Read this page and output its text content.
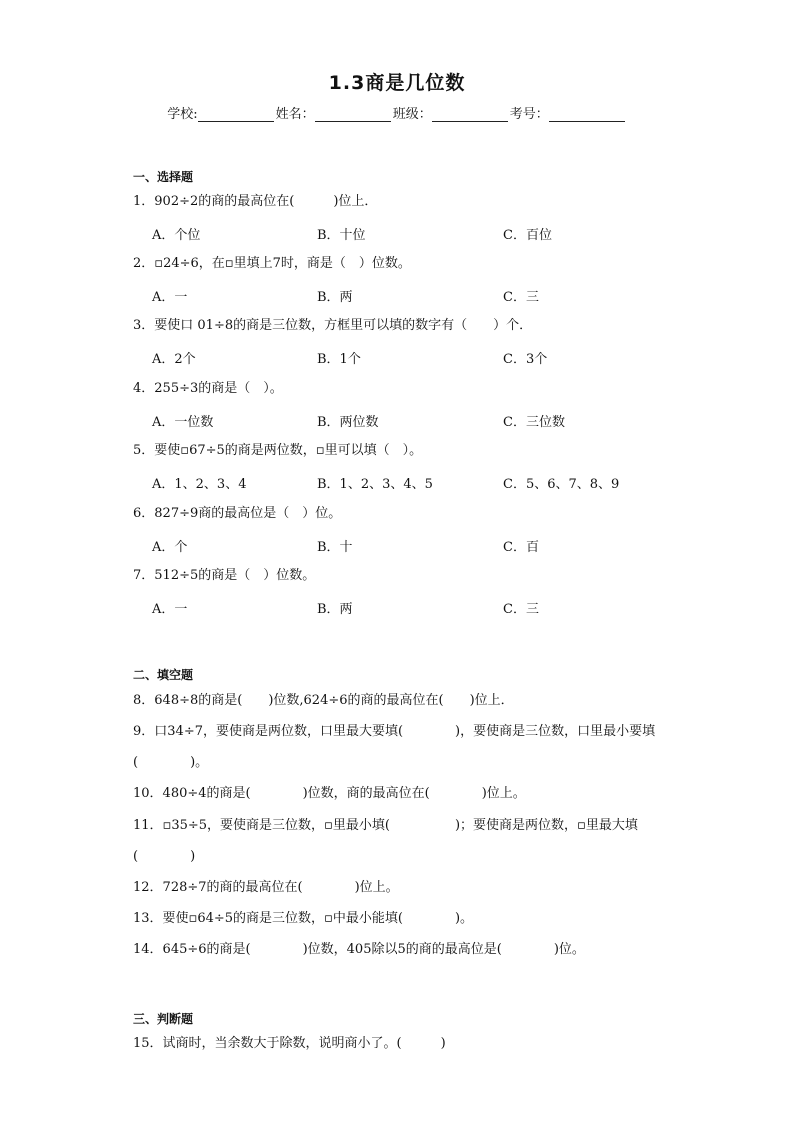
1.3商是几位数
学校:	姓名：	班级：	考号：
一、选择题
1．902÷2的商的最高位在(　　　)位上．
A．个位	B．十位	C．百位
2．▫24÷6，在▫里填上7时，商是（　）位数。
A．一	B．两	C．三
3．要使口 01÷8的商是三位数，方框里可以填的数字有（　　）个．
A．2个	B．1个	C．3个
4．255÷3的商是（　）。
A．一位数	B．两位数	C．三位数
5．要使▫67÷5的商是两位数，▫里可以填（　）。
A．1、2、3、4	B．1、2、3、4、5	C．5、6、7、8、9
6．827÷9商的最高位是（　）位。
A．个	B．十	C．百
7．512÷5的商是（　）位数。
A．一	B．两	C．三
二、填空题
8．648÷8的商是(　　)位数,624÷6的商的最高位在(　　)位上．
9．口34÷7，要使商是两位数，口里最大要填(　　　　)，要使商是三位数，口里最小要填(　　　　)。
10．480÷4的商是(　　　　)位数，商的最高位在(　　　　)位上。
11．▫35÷5，要使商是三位数，▫里最小填(　　　　　)；要使商是两位数，▫里最大填(　　　　)
12．728÷7的商的最高位在(　　　　)位上。
13．要使▫64÷5的商是三位数，▫中最小能填(　　　　)。
14．645÷6的商是(　　　　)位数，405除以5的商的最高位是(　　　　)位。
三、判断题
15．试商时，当余数大于除数，说明商小了。(　　　)
